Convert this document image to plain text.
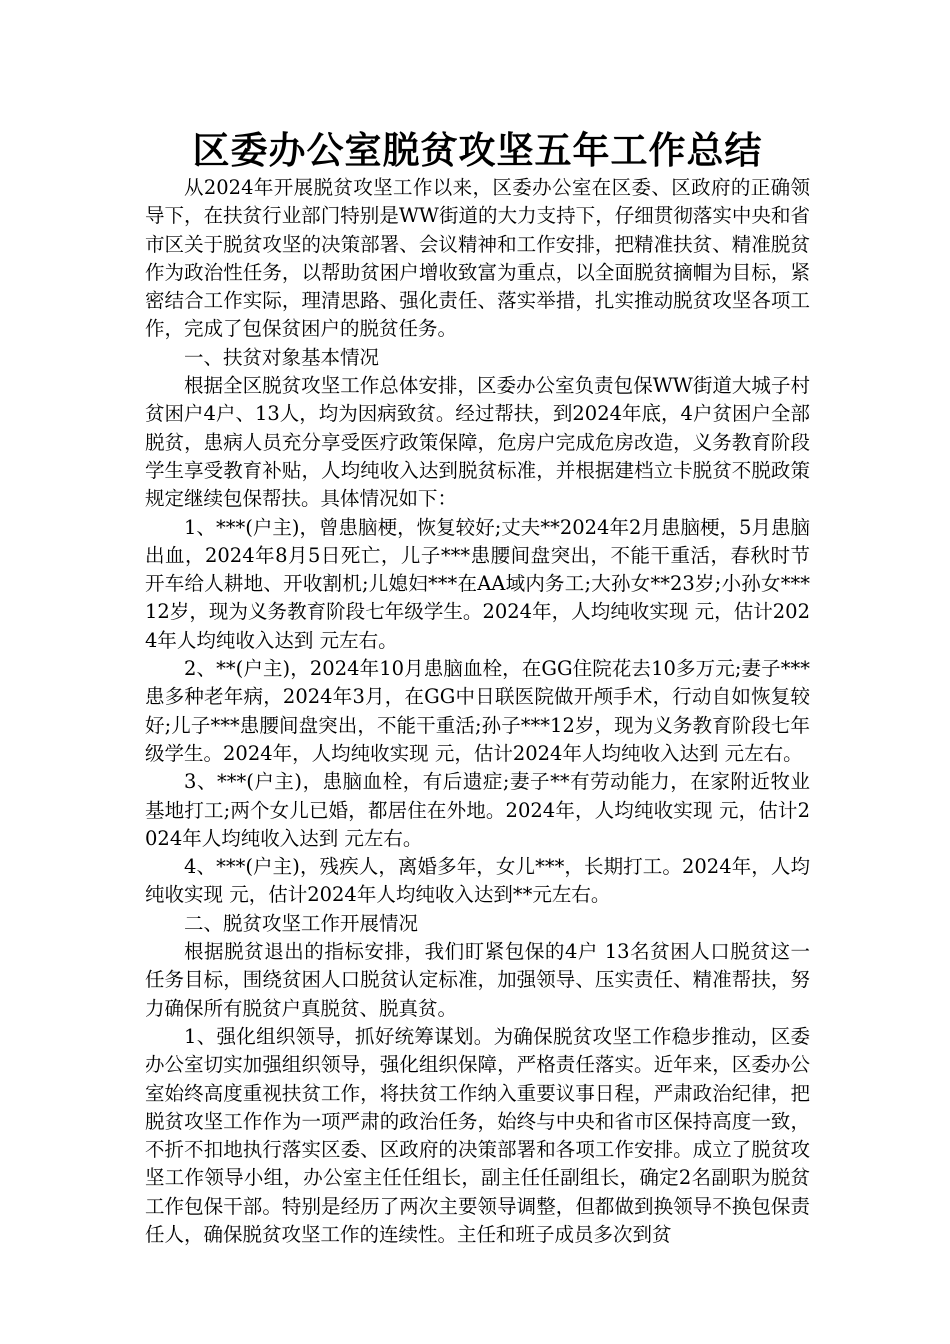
区委办公室脱贫攻坚五年工作总结

从2024年开展脱贫攻坚工作以来，区委办公室在区委、区政府的正确领导下，在扶贫行业部门特别是WW街道的大力支持下，仔细贯彻落实中央和省市区关于脱贫攻坚的决策部署、会议精神和工作安排，把精准扶贫、精准脱贫作为政治性任务，以帮助贫困户增收致富为重点，以全面脱贫摘帽为目标，紧密结合工作实际，理清思路、强化责任、落实举措，扎实推动脱贫攻坚各项工作，完成了包保贫困户的脱贫任务。

一、扶贫对象基本情况

根据全区脱贫攻坚工作总体安排，区委办公室负责包保WW街道大城子村贫困户4户、13人，均为因病致贫。经过帮扶，到2024年底，4户贫困户全部脱贫，患病人员充分享受医疗政策保障，危房户完成危房改造，义务教育阶段学生享受教育补贴，人均纯收入达到脱贫标准，并根据建档立卡脱贫不脱政策规定继续包保帮扶。具体情况如下：

1、***(户主)，曾患脑梗，恢复较好;丈夫**2024年2月患脑梗，5月患脑出血，2024年8月5日死亡，儿子***患腰间盘突出，不能干重活，春秋时节开车给人耕地、开收割机;儿媳妇***在AA域内务工;大孙女**23岁;小孙女***12岁，现为义务教育阶段七年级学生。2024年，人均纯收实现 元，估计2024年人均纯收入达到 元左右。

2、**(户主)，2024年10月患脑血栓，在GG住院花去10多万元;妻子***患多种老年病，2024年3月，在GG中日联医院做开颅手术，行动自如恢复较好;儿子***患腰间盘突出，不能干重活;孙子***12岁，现为义务教育阶段七年级学生。2024年，人均纯收实现 元，估计2024年人均纯收入达到 元左右。

3、***(户主)，患脑血栓，有后遗症;妻子**有劳动能力，在家附近牧业基地打工;两个女儿已婚，都居住在外地。2024年，人均纯收实现 元，估计2024年人均纯收入达到 元左右。

4、***(户主)，残疾人，离婚多年，女儿***，长期打工。2024年，人均纯收实现 元，估计2024年人均纯收入达到**元左右。

二、脱贫攻坚工作开展情况

根据脱贫退出的指标安排，我们盯紧包保的4户 13名贫困人口脱贫这一任务目标，围绕贫困人口脱贫认定标准，加强领导、压实责任、精准帮扶，努力确保所有脱贫户真脱贫、脱真贫。

1、强化组织领导，抓好统筹谋划。为确保脱贫攻坚工作稳步推动，区委办公室切实加强组织领导，强化组织保障，严格责任落实。近年来，区委办公室始终高度重视扶贫工作，将扶贫工作纳入重要议事日程，严肃政治纪律，把脱贫攻坚工作作为一项严肃的政治任务，始终与中央和省市区保持高度一致，不折不扣地执行落实区委、区政府的决策部署和各项工作安排。成立了脱贫攻坚工作领导小组，办公室主任任组长，副主任任副组长，确定2名副职为脱贫工作包保干部。特别是经历了两次主要领导调整，但都做到换领导不换包保责任人，确保脱贫攻坚工作的连续性。主任和班子成员多次到贫
